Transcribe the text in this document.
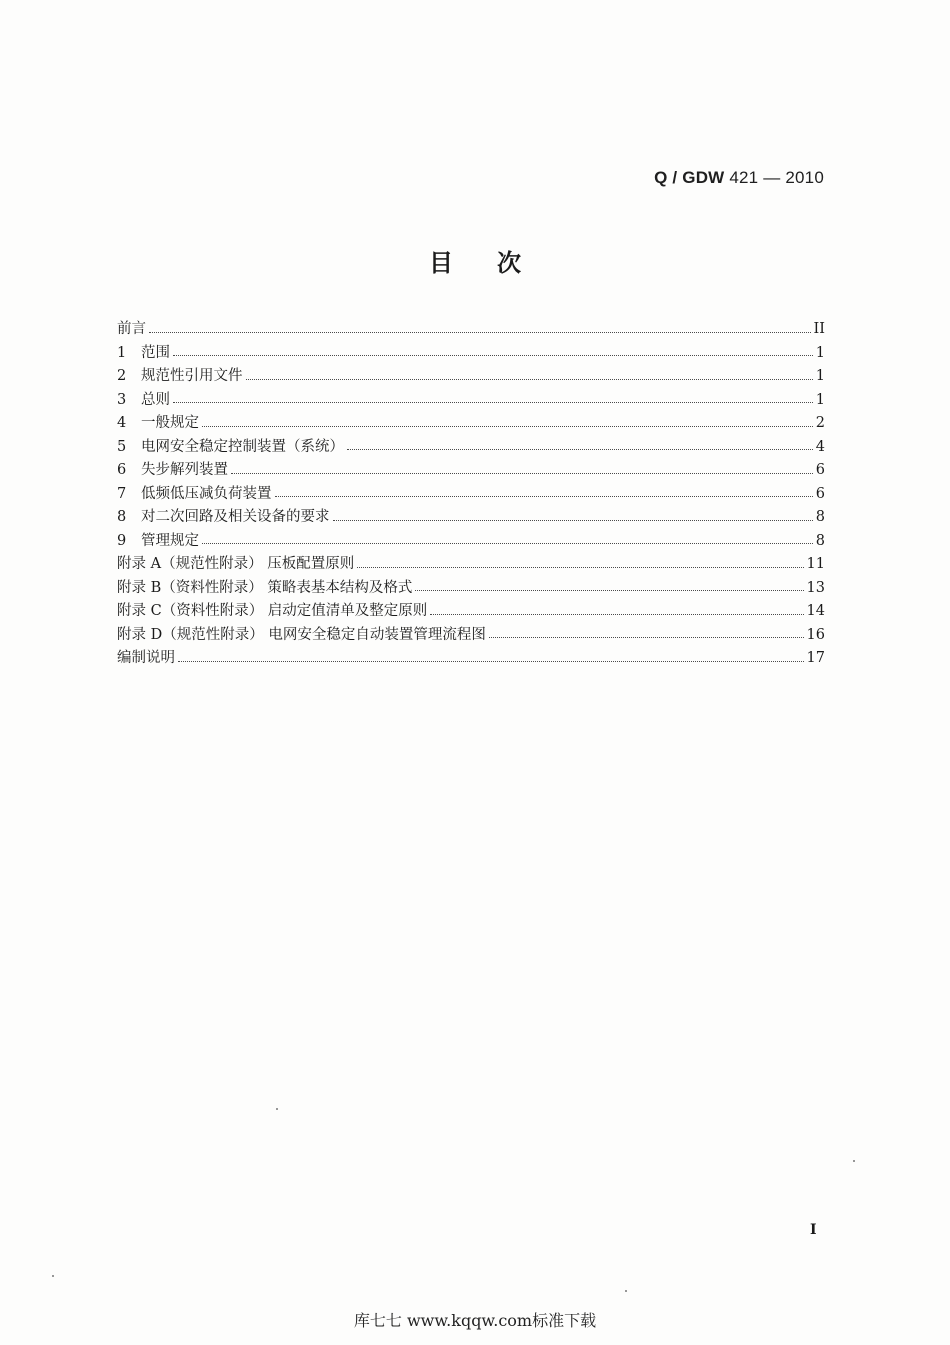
Q / GDW 421 — 2010
目次
前言	II
1	范围	1
2	规范性引用文件	1
3	总则	1
4	一般规定	2
5	电网安全稳定控制装置（系统）	4
6	失步解列装置	6
7	低频低压减负荷装置	6
8	对二次回路及相关设备的要求	8
9	管理规定	8
附录 A（规范性附录） 压板配置原则	11
附录 B（资料性附录） 策略表基本结构及格式	13
附录 C（资料性附录） 启动定值清单及整定原则	14
附录 D（规范性附录） 电网安全稳定自动装置管理流程图	16
编制说明	17
I
库七七 www.kqqw.com标准下载
